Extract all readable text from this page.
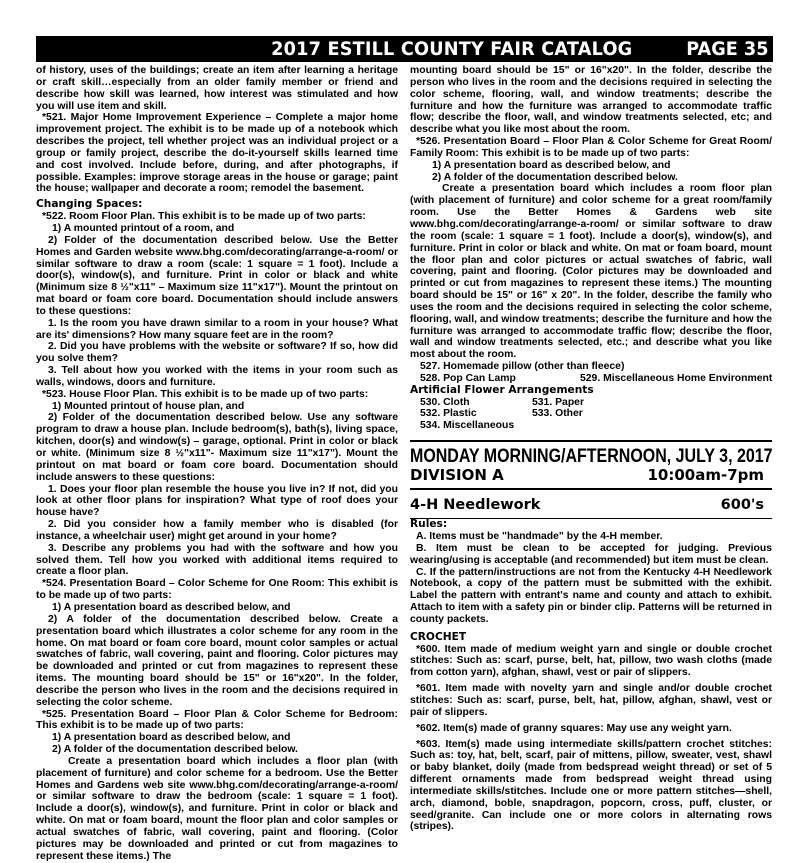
2017 ESTILL COUNTY FAIR CATALOG	PAGE 35

of history, uses of the buildings; create an item after learning a heritage or craft skill…especially from an older family member or friend and describe how skill was learned, how interest was stimulated and how you will use item and skill.

*521. Major Home Improvement Experience – Complete a major home improvement project. The exhibit is to be made up of a notebook which describes the project, tell whether project was an individual project or a group or family project, describe the do-it-yourself skills learned time and cost involved. Include before, during, and after photographs, if possible. Examples: improve storage areas in the house or garage; paint the house; wallpaper and decorate a room; remodel the basement.

Changing Spaces:

*522. Room Floor Plan. This exhibit is to be made up of two parts:

1) A mounted printout of a room, and

2) Folder of the documentation described below. Use the Better Homes and Garden website www.bhg.com/decorating/arrange-a-room/ or similar software to draw a room (scale: 1 square = 1 foot). Include a door(s), window(s), and furniture. Print in color or black and white (Minimum size 8 ½"x11" – Maximum size 11"x17"). Mount the printout on mat board or foam core board. Documentation should include answers to these questions:

1. Is the room you have drawn similar to a room in your house? What are its' dimensions? How many square feet are in the room?

2. Did you have problems with the website or software? If so, how did you solve them?

3. Tell about how you worked with the items in your room such as walls, windows, doors and furniture.

*523. House Floor Plan. This exhibit is to be made up of two parts:

1) Mounted printout of house plan, and

2) Folder of the documentation described below. Use any software program to draw a house plan. Include bedroom(s), bath(s), living space, kitchen, door(s) and window(s) – garage, optional. Print in color or black or white. (Minimum size 8 ½"x11"- Maximum size 11"x17"). Mount the printout on mat board or foam core board. Documentation should include answers to these questions:

1. Does your floor plan resemble the house you live in? If not, did you look at other floor plans for inspiration? What type of roof does your house have?

2. Did you consider how a family member who is disabled (for instance, a wheelchair user) might get around in your home?

3. Describe any problems you had with the software and how you solved them. Tell how you worked with additional items required to create a floor plan.

*524. Presentation Board – Color Scheme for One Room: This exhibit is to be made up of two parts:

1) A presentation board as described below, and

2) A folder of the documentation described below. Create a presentation board which illustrates a color scheme for any room in the home. On mat board or foam core board, mount color samples or actual swatches of fabric, wall covering, paint and flooring. Color pictures may be downloaded and printed or cut from magazines to represent these items. The mounting board should be 15" or 16"x20". In the folder, describe the person who lives in the room and the decisions required in selecting the color scheme.

*525. Presentation Board – Floor Plan & Color Scheme for Bedroom: This exhibit is to be made up of two parts:

1) A presentation board as described below, and

2) A folder of the documentation described below.

Create a presentation board which includes a floor plan (with placement of furniture) and color scheme for a bedroom. Use the Better Homes and Gardens web site www.bhg.com/decorating/arrange-a-room/ or similar software to draw the bedroom (scale: 1 square = 1 foot). Include a door(s), window(s), and furniture. Print in color or black and white. On mat or foam board, mount the floor plan and color samples or actual swatches of fabric, wall covering, paint and flooring. (Color pictures may be downloaded and printed or cut from magazines to represent these items.) The

mounting board should be 15" or 16"x20". In the folder, describe the person who lives in the room and the decisions required in selecting the color scheme, flooring, wall, and window treatments; describe the furniture and how the furniture was arranged to accommodate traffic flow; describe the floor, wall, and window treatments selected, etc; and describe what you like most about the room.

*526. Presentation Board – Floor Plan & Color Scheme for Great Room/ Family Room: This exhibit is to be made up of two parts:

1) A presentation board as described below, and

2) A folder of the documentation described below.

Create a presentation board which includes a room floor plan (with placement of furniture) and color scheme for a great room/family room. Use the Better Homes & Gardens web site www.bhg.com/decorating/arrange-a-room/ or similar software to draw the room (scale: 1 square = 1 foot). Include a door(s), window(s), and furniture. Print in color or black and white. On mat or foam board, mount the floor plan and color pictures or actual swatches of fabric, wall covering, paint and flooring. (Color pictures may be downloaded and printed or cut from magazines to represent these items.) The mounting board should be 15" or 16" x 20". In the folder, describe the family who uses the room and the decisions required in selecting the color scheme, flooring, wall, and window treatments; describe the furniture and how the furniture was arranged to accommodate traffic flow; describe the floor, wall and window treatments selected, etc.; and describe what you like most about the room.

527. Homemade pillow (other than fleece)

528. Pop Can Lamp	529. Miscellaneous Home Environment
Artificial Flower Arrangements
530. Cloth	531. Paper
532. Plastic	533. Other

534. Miscellaneous

MONDAY MORNING/AFTERNOON, JULY 3, 2017
DIVISION A	10:00am-7pm
4-H Needlework	600's
Rules:

A. Items must be "handmade" by the 4-H member.

B. Item must be clean to be accepted for judging. Previous wearing/using is acceptable (and recommended) but item must be clean.

C. If the pattern/instructions are not from the Kentucky 4-H Needlework Notebook, a copy of the pattern must be submitted with the exhibit. Label the pattern with entrant's name and county and attach to exhibit. Attach to item with a safety pin or binder clip. Patterns will be returned in county packets.

CROCHET

*600. Item made of medium weight yarn and single or double crochet stitches: Such as: scarf, purse, belt, hat, pillow, two wash cloths (made from cotton yarn), afghan, shawl, vest or pair of slippers.

*601. Item made with novelty yarn and single and/or double crochet stitches: Such as: scarf, purse, belt, hat, pillow, afghan, shawl, vest or pair of slippers.

*602. Item(s) made of granny squares: May use any weight yarn.

*603. Item(s) made using intermediate skills/pattern crochet stitches: Such as: toy, hat, belt, scarf, pair of mittens, pillow, sweater, vest, shawl or baby blanket, doily (made from bedspread weight thread) or set of 5 different ornaments made from bedspread weight thread using intermediate skills/stitches. Include one or more pattern stitches—shell, arch, diamond, boble, snapdragon, popcorn, cross, puff, cluster, or seed/granite. Can include one or more colors in alternating rows (stripes).
